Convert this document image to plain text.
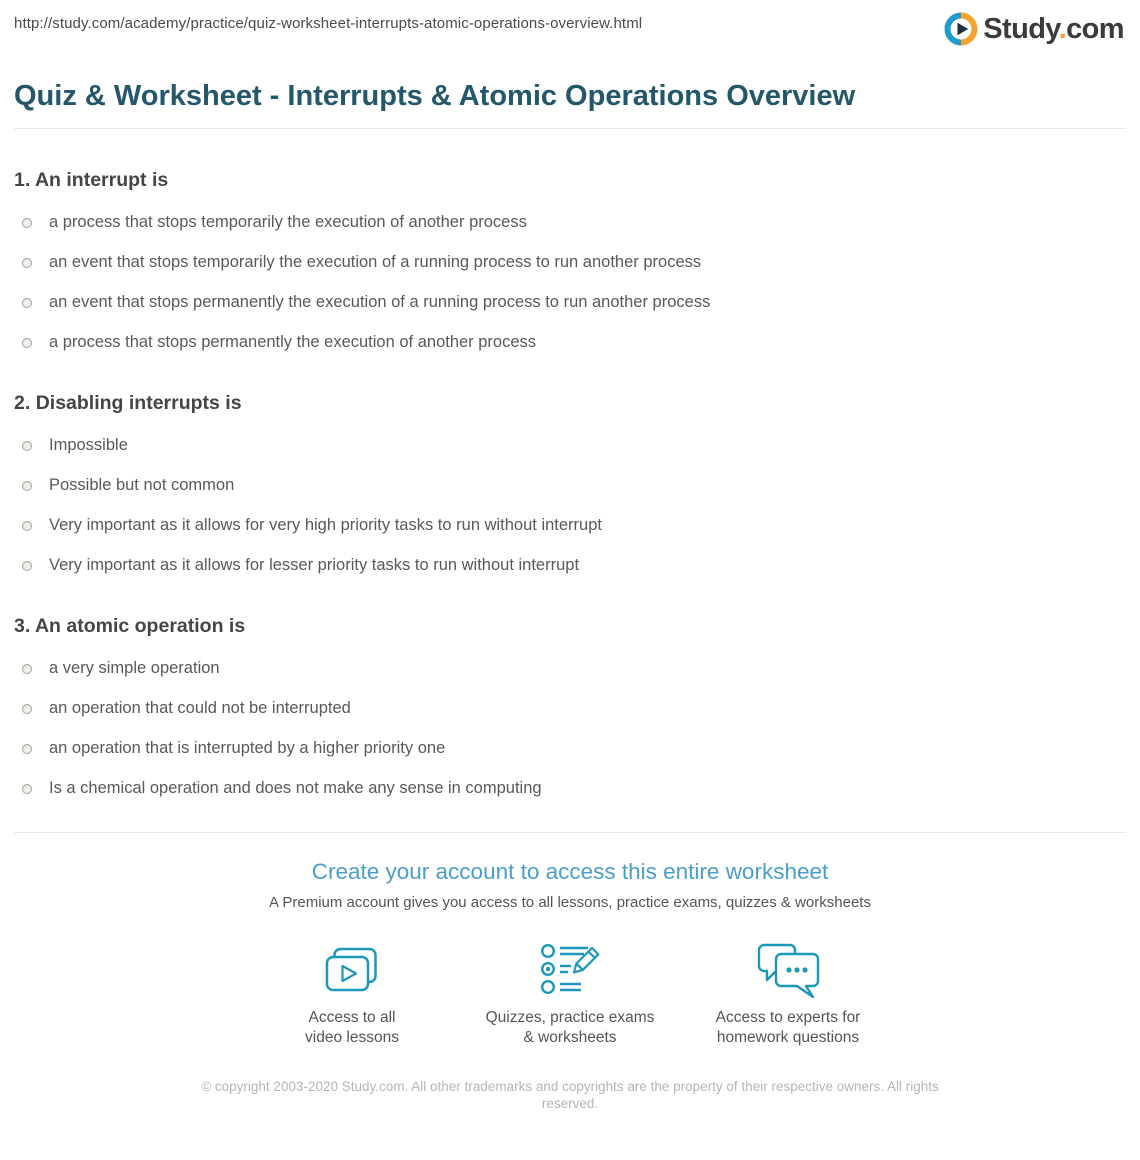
http://study.com/academy/practice/quiz-worksheet-interrupts-atomic-operations-overview.html	Study.com
Quiz & Worksheet - Interrupts & Atomic Operations Overview
1. An interrupt is
a process that stops temporarily the execution of another process
an event that stops temporarily the execution of a running process to run another process
an event that stops permanently the execution of a running process to run another process
a process that stops permanently the execution of another process
2. Disabling interrupts is
Impossible
Possible but not common
Very important as it allows for very high priority tasks to run without interrupt
Very important as it allows for lesser priority tasks to run without interrupt
3. An atomic operation is
a very simple operation
an operation that could not be interrupted
an operation that is interrupted by a higher priority one
Is a chemical operation and does not make any sense in computing
Create your account to access this entire worksheet

A Premium account gives you access to all lessons, practice exams, quizzes & worksheets

Access to all
video lessons
Quizzes, practice exams
& worksheets
Access to experts for
homework questions

© copyright 2003-2020 Study.com. All other trademarks and copyrights are the property of their respective owners. All rights reserved.
